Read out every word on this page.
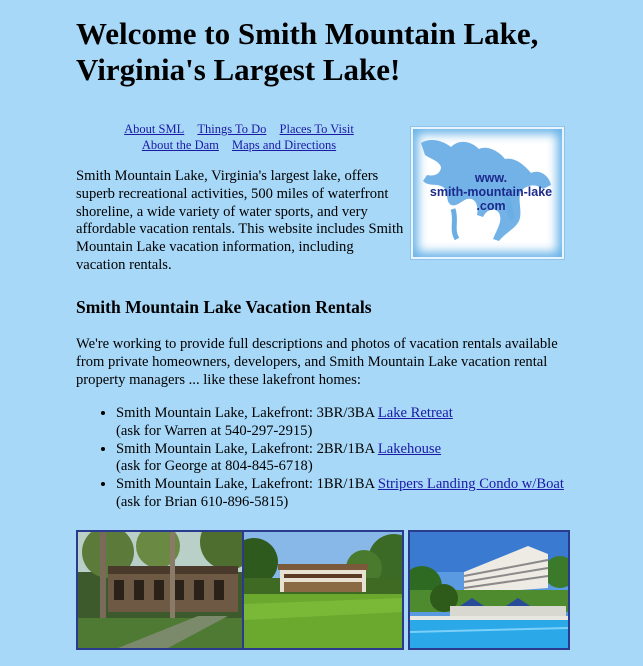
Welcome to Smith Mountain Lake,
Virginia's Largest Lake!
About SML Things To Do Places To Visit
About the Dam Maps and Directions
www.
smith-mountain-lake
.com

Smith Mountain Lake, Virginia's largest lake, offers superb recreational activities, 500 miles of waterfront shoreline, a wide variety of water sports, and very affordable vacation rentals. This website includes Smith Mountain Lake vacation information, including vacation rentals.

Smith Mountain Lake Vacation Rentals

We're working to provide full descriptions and photos of vacation rentals available from private homeowners, developers, and Smith Mountain Lake vacation rental property managers ... like these lakefront homes:

• Smith Mountain Lake, Lakefront: 3BR/3BA Lake Retreat
(ask for Warren at 540-297-2915)
• Smith Mountain Lake, Lakefront: 2BR/1BA Lakehouse
(ask for George at 804-845-6718)
• Smith Mountain Lake, Lakefront: 1BR/1BA Stripers Landing Condo w/Boat (ask for Brian 610-896-5815)
